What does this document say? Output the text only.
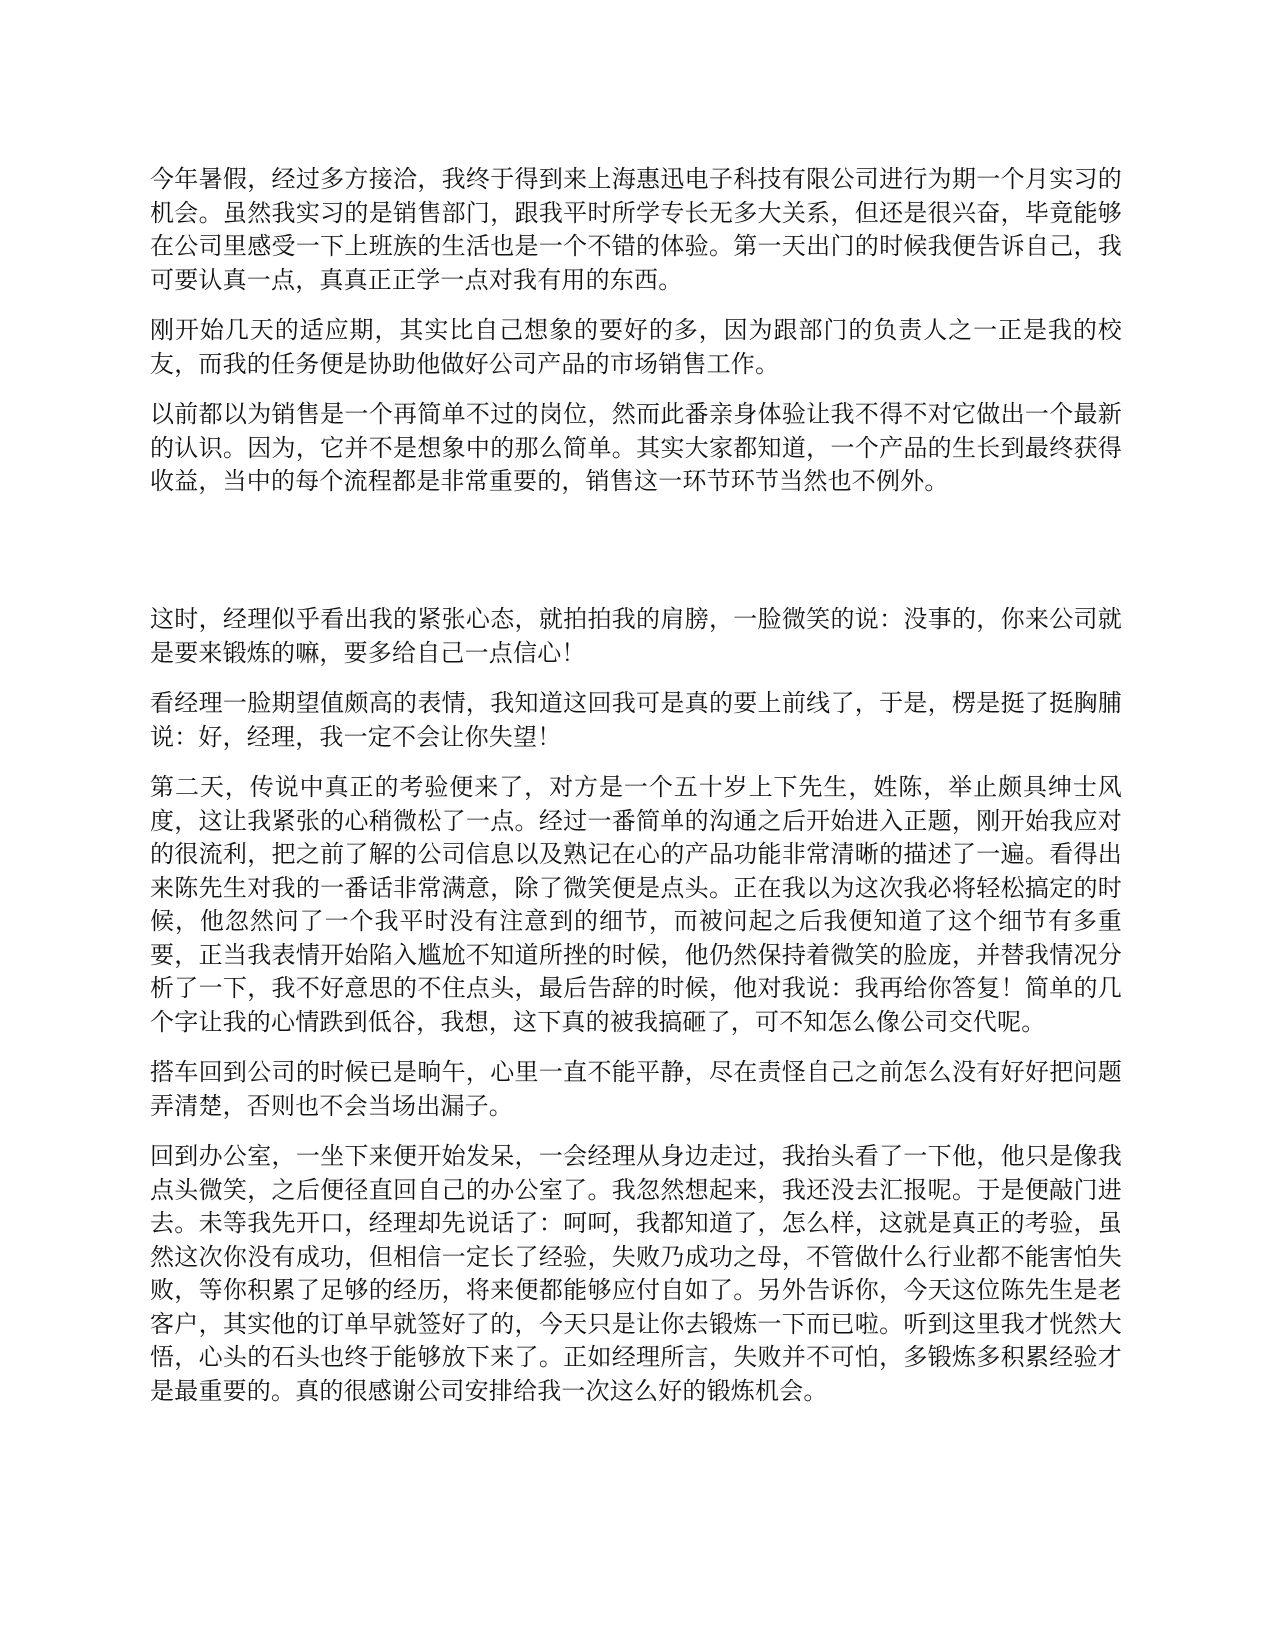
今年暑假，经过多方接洽，我终于得到来上海惠迅电子科技有限公司进行为期一个月实习的机会。虽然我实习的是销售部门，跟我平时所学专长无多大关系，但还是很兴奋，毕竟能够在公司里感受一下上班族的生活也是一个不错的体验。第一天出门的时候我便告诉自己，我可要认真一点，真真正正学一点对我有用的东西。

刚开始几天的适应期，其实比自己想象的要好的多，因为跟部门的负责人之一正是我的校友，而我的任务便是协助他做好公司产品的市场销售工作。

以前都以为销售是一个再简单不过的岗位，然而此番亲身体验让我不得不对它做出一个最新的认识。因为，它并不是想象中的那么简单。其实大家都知道，一个产品的生长到最终获得收益，当中的每个流程都是非常重要的，销售这一环节环节当然也不例外。

这时，经理似乎看出我的紧张心态，就拍拍我的肩膀，一脸微笑的说：没事的，你来公司就是要来锻炼的嘛，要多给自己一点信心！

看经理一脸期望值颇高的表情，我知道这回我可是真的要上前线了，于是，楞是挺了挺胸脯说：好，经理，我一定不会让你失望！

第二天，传说中真正的考验便来了，对方是一个五十岁上下先生，姓陈，举止颇具绅士风度，这让我紧张的心稍微松了一点。经过一番简单的沟通之后开始进入正题，刚开始我应对的很流利，把之前了解的公司信息以及熟记在心的产品功能非常清晰的描述了一遍。看得出来陈先生对我的一番话非常满意，除了微笑便是点头。正在我以为这次我必将轻松搞定的时候，他忽然问了一个我平时没有注意到的细节，而被问起之后我便知道了这个细节有多重要，正当我表情开始陷入尴尬不知道所挫的时候，他仍然保持着微笑的脸庞，并替我情况分析了一下，我不好意思的不住点头，最后告辞的时候，他对我说：我再给你答复！简单的几个字让我的心情跌到低谷，我想，这下真的被我搞砸了，可不知怎么像公司交代呢。

搭车回到公司的时候已是晌午，心里一直不能平静，尽在责怪自己之前怎么没有好好把问题弄清楚，否则也不会当场出漏子。

回到办公室，一坐下来便开始发呆，一会经理从身边走过，我抬头看了一下他，他只是像我点头微笑，之后便径直回自己的办公室了。我忽然想起来，我还没去汇报呢。于是便敲门进去。未等我先开口，经理却先说话了：呵呵，我都知道了，怎么样，这就是真正的考验，虽然这次你没有成功，但相信一定长了经验，失败乃成功之母，不管做什么行业都不能害怕失败，等你积累了足够的经历，将来便都能够应付自如了。另外告诉你，今天这位陈先生是老客户，其实他的订单早就签好了的，今天只是让你去锻炼一下而已啦。听到这里我才恍然大悟，心头的石头也终于能够放下来了。正如经理所言，失败并不可怕，多锻炼多积累经验才是最重要的。真的很感谢公司安排给我一次这么好的锻炼机会。
